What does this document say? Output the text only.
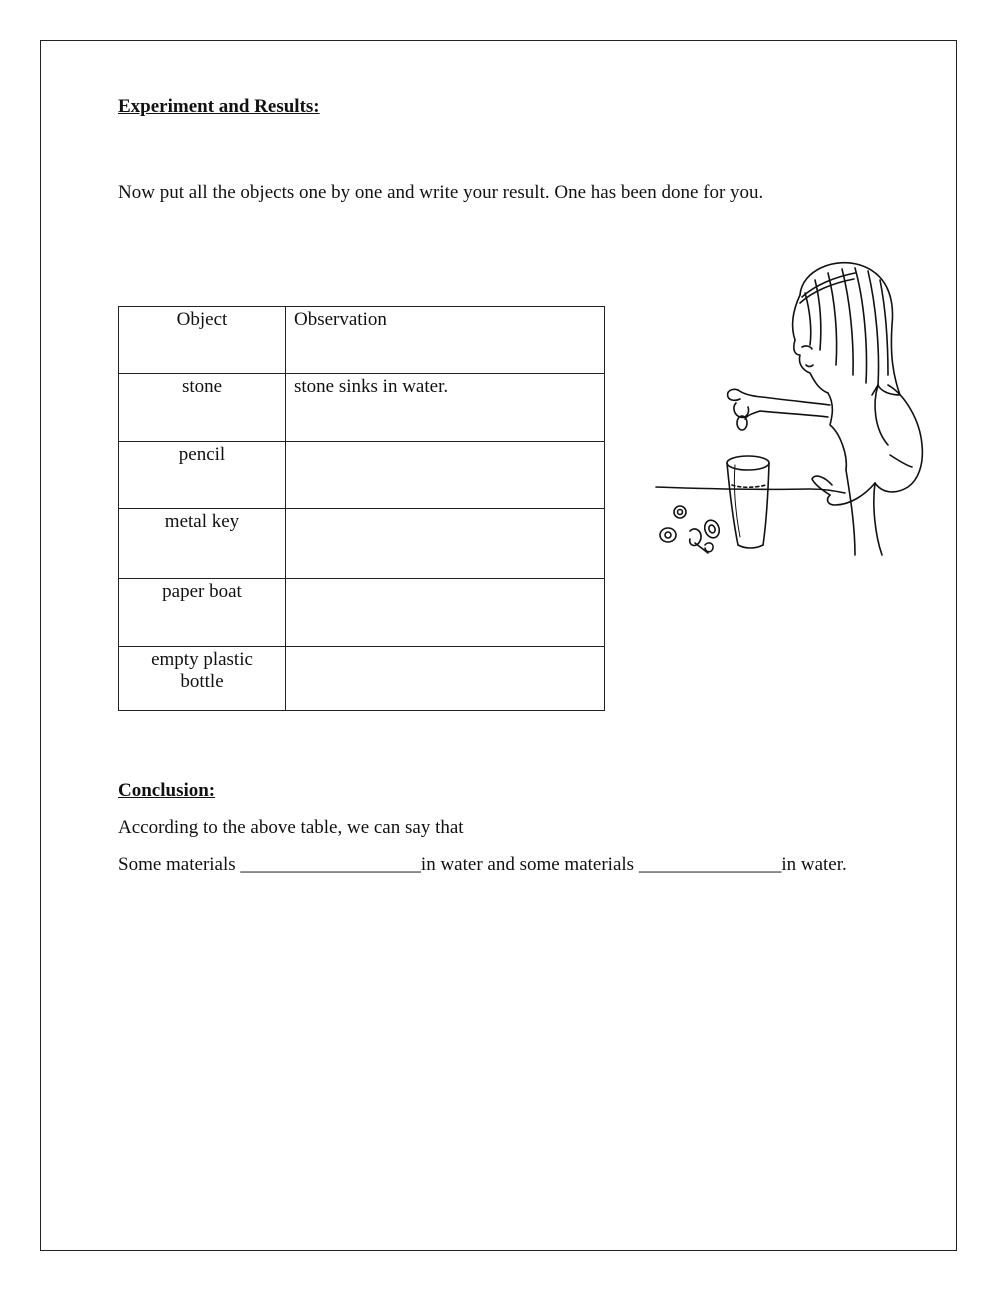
Experiment and Results:
Now put all the objects one by one and write your result. One has been done for you.
Object	Observation
stone	stone sinks in water.
pencil	
metal key	
paper boat	
empty plastic bottle	
Conclusion:
According to the above table, we can say that
Some materials ___________________in water and some materials _______________in water.
